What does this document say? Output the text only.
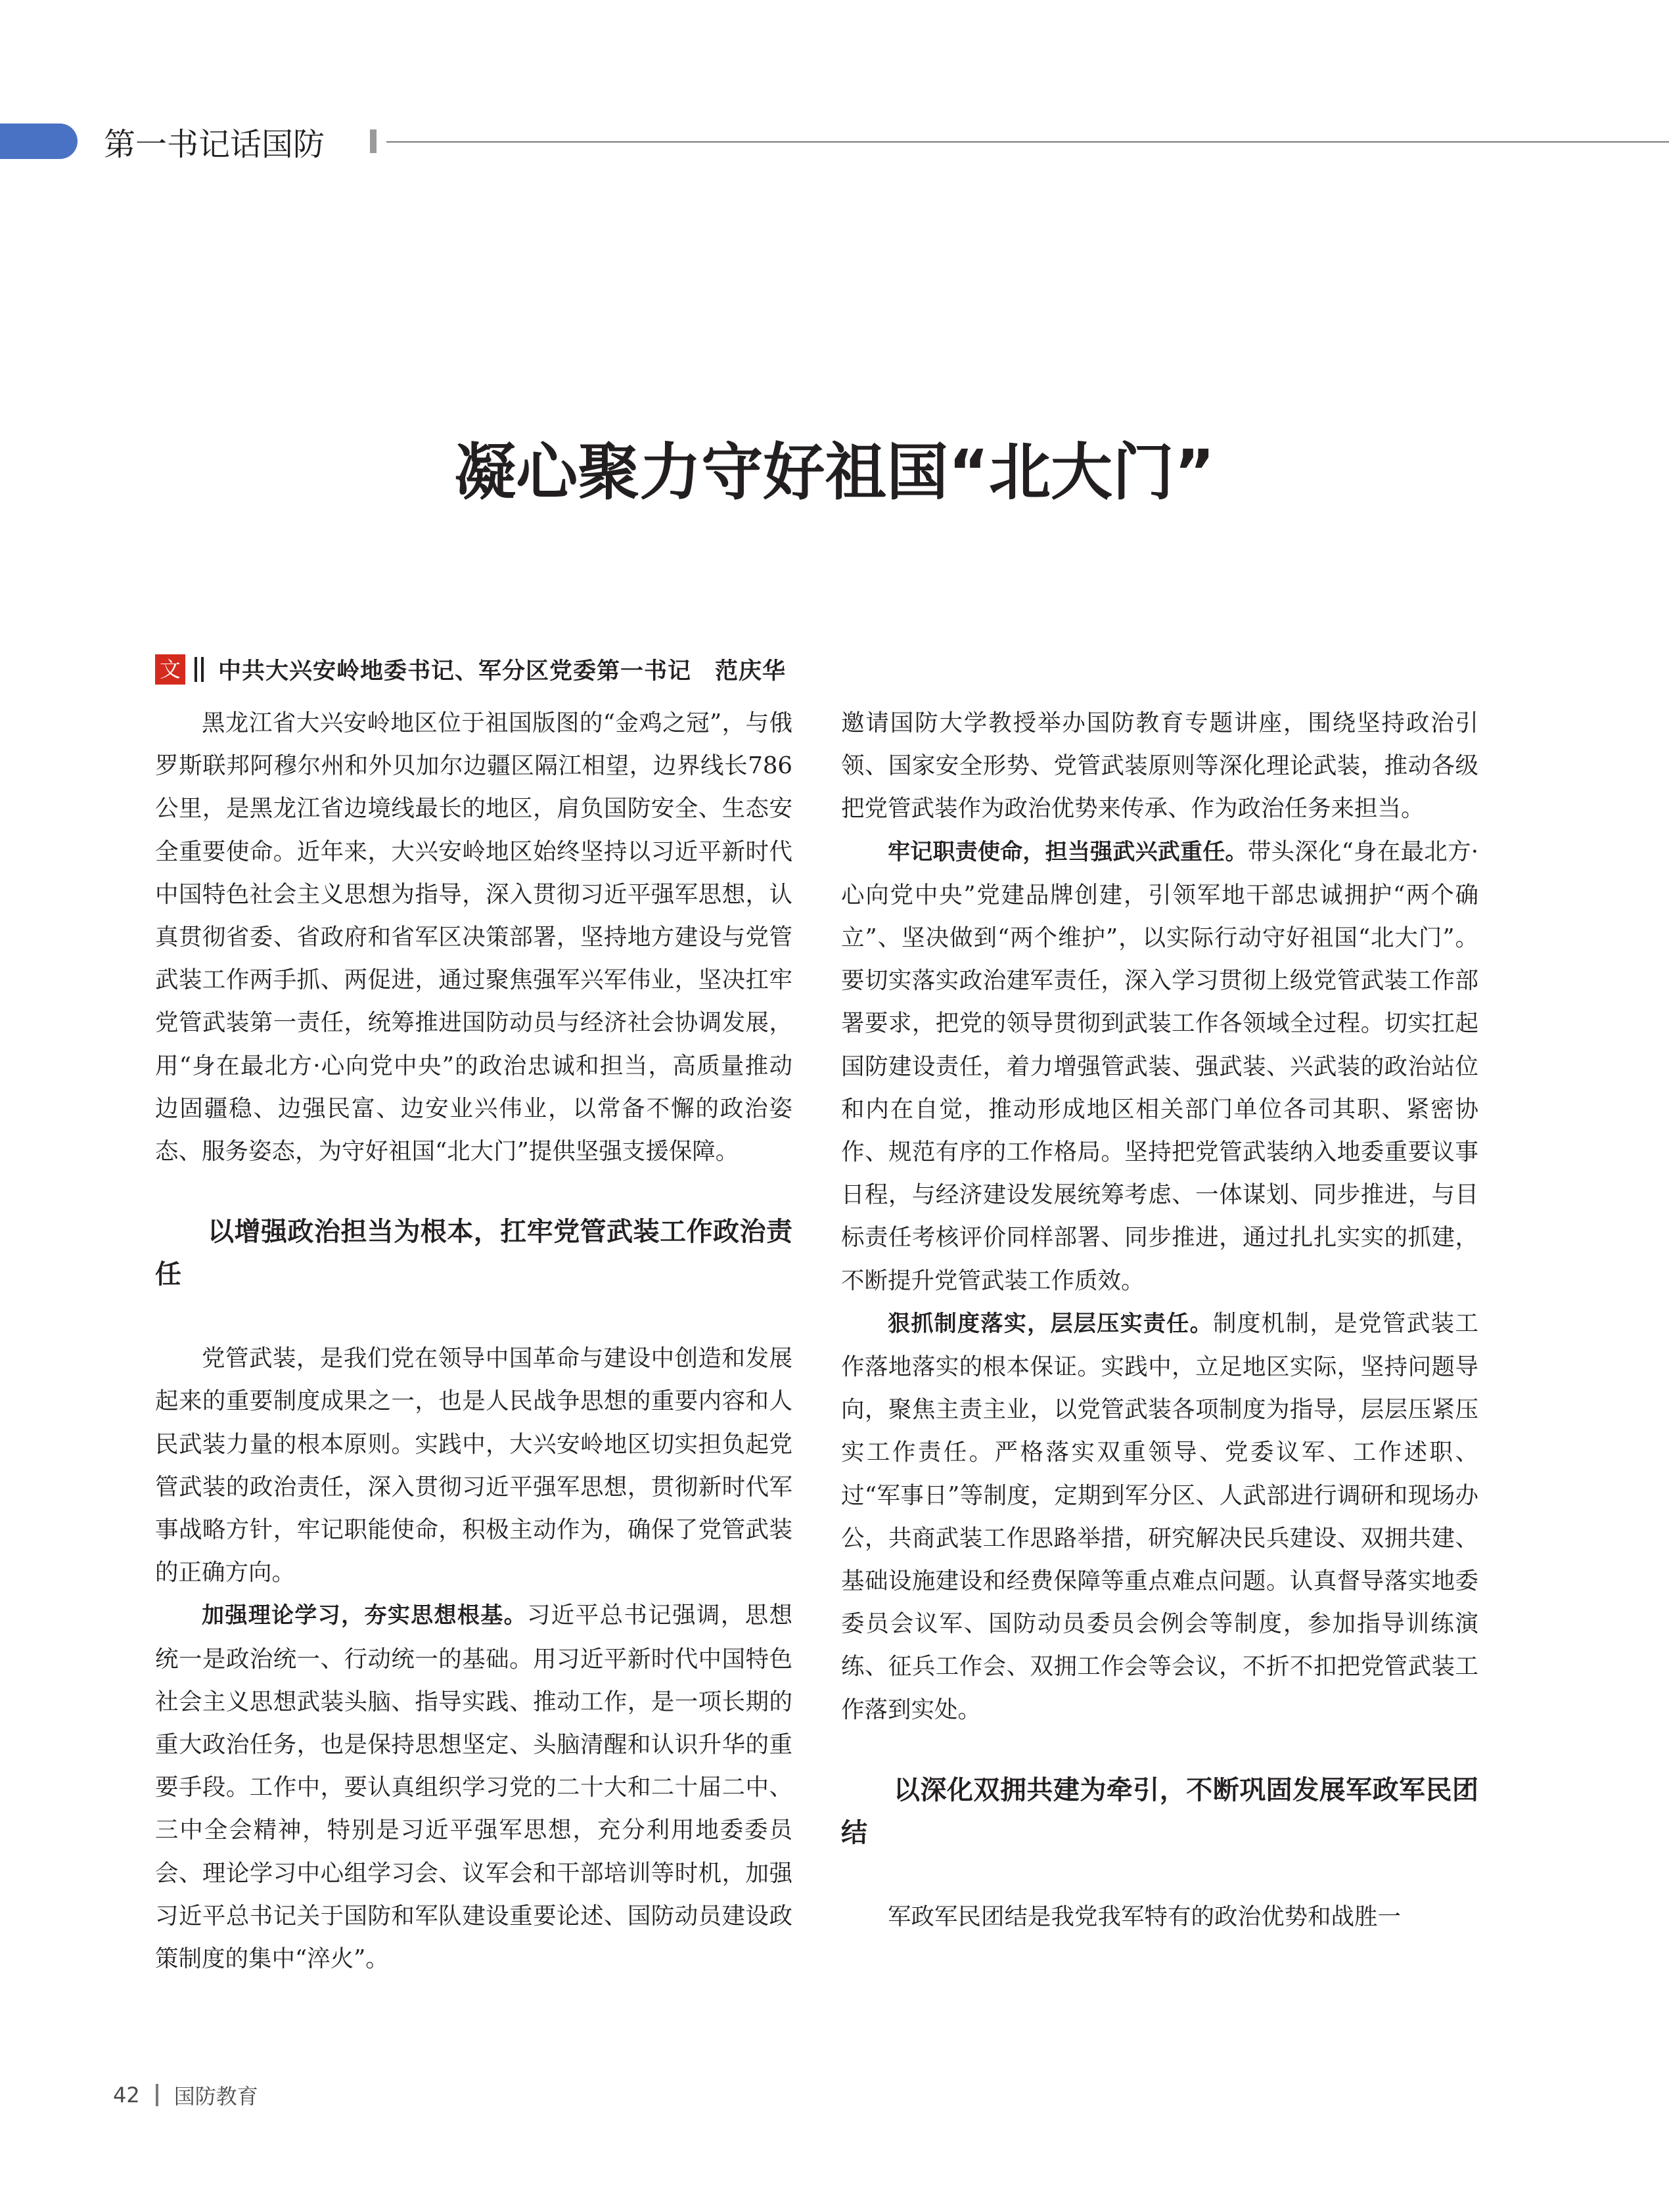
第一书记话国防
凝心聚力守好祖国“北大门”
文 中共大兴安岭地委书记、军分区党委第一书记　范庆华

黑龙江省大兴安岭地区位于祖国版图的“金鸡之冠”，与俄罗斯联邦阿穆尔州和外贝加尔边疆区隔江相望，边界线长786公里，是黑龙江省边境线最长的地区，肩负国防安全、生态安全重要使命。近年来，大兴安岭地区始终坚持以习近平新时代中国特色社会主义思想为指导，深入贯彻习近平强军思想，认真贯彻省委、省政府和省军区决策部署，坚持地方建设与党管武装工作两手抓、两促进，通过聚焦强军兴军伟业，坚决扛牢党管武装第一责任，统筹推进国防动员与经济社会协调发展，用“身在最北方·心向党中央”的政治忠诚和担当，高质量推动边固疆稳、边强民富、边安业兴伟业，以常备不懈的政治姿态、服务姿态，为守好祖国“北大门”提供坚强支援保障。

以增强政治担当为根本，扛牢党管武装工作政治责任

党管武装，是我们党在领导中国革命与建设中创造和发展起来的重要制度成果之一，也是人民战争思想的重要内容和人民武装力量的根本原则。实践中，大兴安岭地区切实担负起党管武装的政治责任，深入贯彻习近平强军思想，贯彻新时代军事战略方针，牢记职能使命，积极主动作为，确保了党管武装的正确方向。

加强理论学习，夯实思想根基。习近平总书记强调，思想统一是政治统一、行动统一的基础。用习近平新时代中国特色社会主义思想武装头脑、指导实践、推动工作，是一项长期的重大政治任务，也是保持思想坚定、头脑清醒和认识升华的重要手段。工作中，要认真组织学习党的二十大和二十届二中、三中全会精神，特别是习近平强军思想，充分利用地委委员会、理论学习中心组学习会、议军会和干部培训等时机，加强习近平总书记关于国防和军队建设重要论述、国防动员建设政策制度的集中“淬火”。

邀请国防大学教授举办国防教育专题讲座，围绕坚持政治引领、国家安全形势、党管武装原则等深化理论武装，推动各级把党管武装作为政治优势来传承、作为政治任务来担当。

牢记职责使命，担当强武兴武重任。带头深化“身在最北方·心向党中央”党建品牌创建，引领军地干部忠诚拥护“两个确立”、坚决做到“两个维护”，以实际行动守好祖国“北大门”。要切实落实政治建军责任，深入学习贯彻上级党管武装工作部署要求，把党的领导贯彻到武装工作各领域全过程。切实扛起国防建设责任，着力增强管武装、强武装、兴武装的政治站位和内在自觉，推动形成地区相关部门单位各司其职、紧密协作、规范有序的工作格局。坚持把党管武装纳入地委重要议事日程，与经济建设发展统筹考虑、一体谋划、同步推进，与目标责任考核评价同样部署、同步推进，通过扎扎实实的抓建，不断提升党管武装工作质效。

狠抓制度落实，层层压实责任。制度机制，是党管武装工作落地落实的根本保证。实践中，立足地区实际，坚持问题导向，聚焦主责主业，以党管武装各项制度为指导，层层压紧压实工作责任。严格落实双重领导、党委议军、工作述职、过“军事日”等制度，定期到军分区、人武部进行调研和现场办公，共商武装工作思路举措，研究解决民兵建设、双拥共建、基础设施建设和经费保障等重点难点问题。认真督导落实地委委员会议军、国防动员委员会例会等制度，参加指导训练演练、征兵工作会、双拥工作会等会议，不折不扣把党管武装工作落到实处。

以深化双拥共建为牵引，不断巩固发展军政军民团结

军政军民团结是我党我军特有的政治优势和战胜一

42 国防教育
